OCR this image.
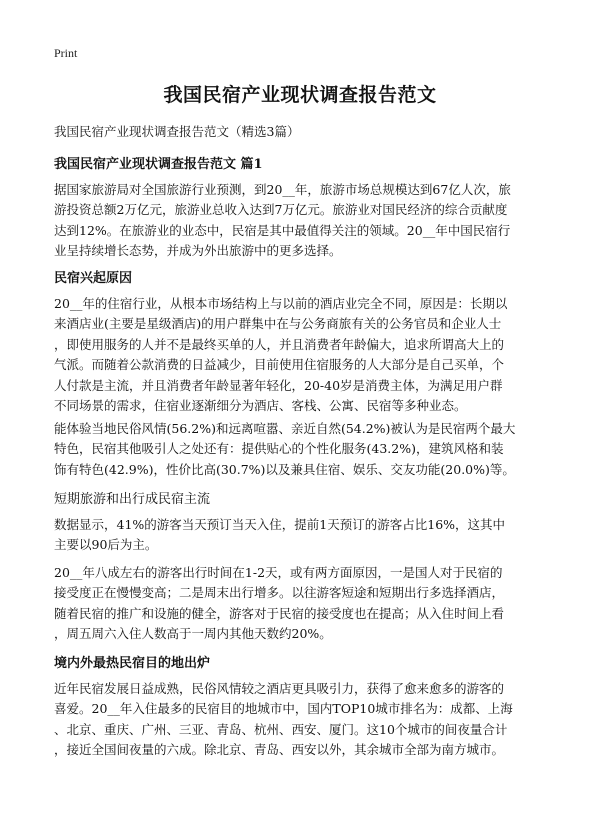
Print
我国民宿产业现状调查报告范文
我国民宿产业现状调查报告范文（精选3篇）
我国民宿产业现状调查报告范文 篇1
据国家旅游局对全国旅游行业预测，到20__年，旅游市场总规模达到67亿人次，旅
游投资总额2万亿元，旅游业总收入达到7万亿元。旅游业对国民经济的综合贡献度
达到12%。在旅游业的业态中，民宿是其中最值得关注的领域。20__年中国民宿行
业呈持续增长态势，并成为外出旅游中的更多选择。
民宿兴起原因
20__年的住宿行业，从根本市场结构上与以前的酒店业完全不同，原因是：长期以
来酒店业(主要是星级酒店)的用户群集中在与公务商旅有关的公务官员和企业人士
，即使用服务的人并不是最终买单的人，并且消费者年龄偏大，追求所谓高大上的
气派。而随着公款消费的日益减少，目前使用住宿服务的人大部分是自己买单，个
人付款是主流，并且消费者年龄显著年轻化，20-40岁是消费主体，为满足用户群
不同场景的需求，住宿业逐渐细分为酒店、客栈、公寓、民宿等多种业态。
能体验当地民俗风情(56.2%)和远离喧嚣、亲近自然(54.2%)被认为是民宿两个最大
特色，民宿其他吸引人之处还有：提供贴心的个性化服务(43.2%)，建筑风格和装
饰有特色(42.9%)，性价比高(30.7%)以及兼具住宿、娱乐、交友功能(20.0%)等。
短期旅游和出行成民宿主流
数据显示，41%的游客当天预订当天入住，提前1天预订的游客占比16%，这其中
主要以90后为主。
20__年八成左右的游客出行时间在1-2天，或有两方面原因，一是国人对于民宿的
接受度正在慢慢变高；二是周末出行增多。以往游客短途和短期出行多选择酒店，
随着民宿的推广和设施的健全，游客对于民宿的接受度也在提高；从入住时间上看
，周五周六入住人数高于一周内其他天数约20%。
境内外最热民宿目的地出炉
近年民宿发展日益成熟，民俗风情较之酒店更具吸引力，获得了愈来愈多的游客的
喜爱。20__年入住最多的民宿目的地城市中，国内TOP10城市排名为：成都、上海
、北京、重庆、广州、三亚、青岛、杭州、西安、厦门。这10个城市的间夜量合计
，接近全国间夜量的六成。除北京、青岛、西安以外，其余城市全部为南方城市。
